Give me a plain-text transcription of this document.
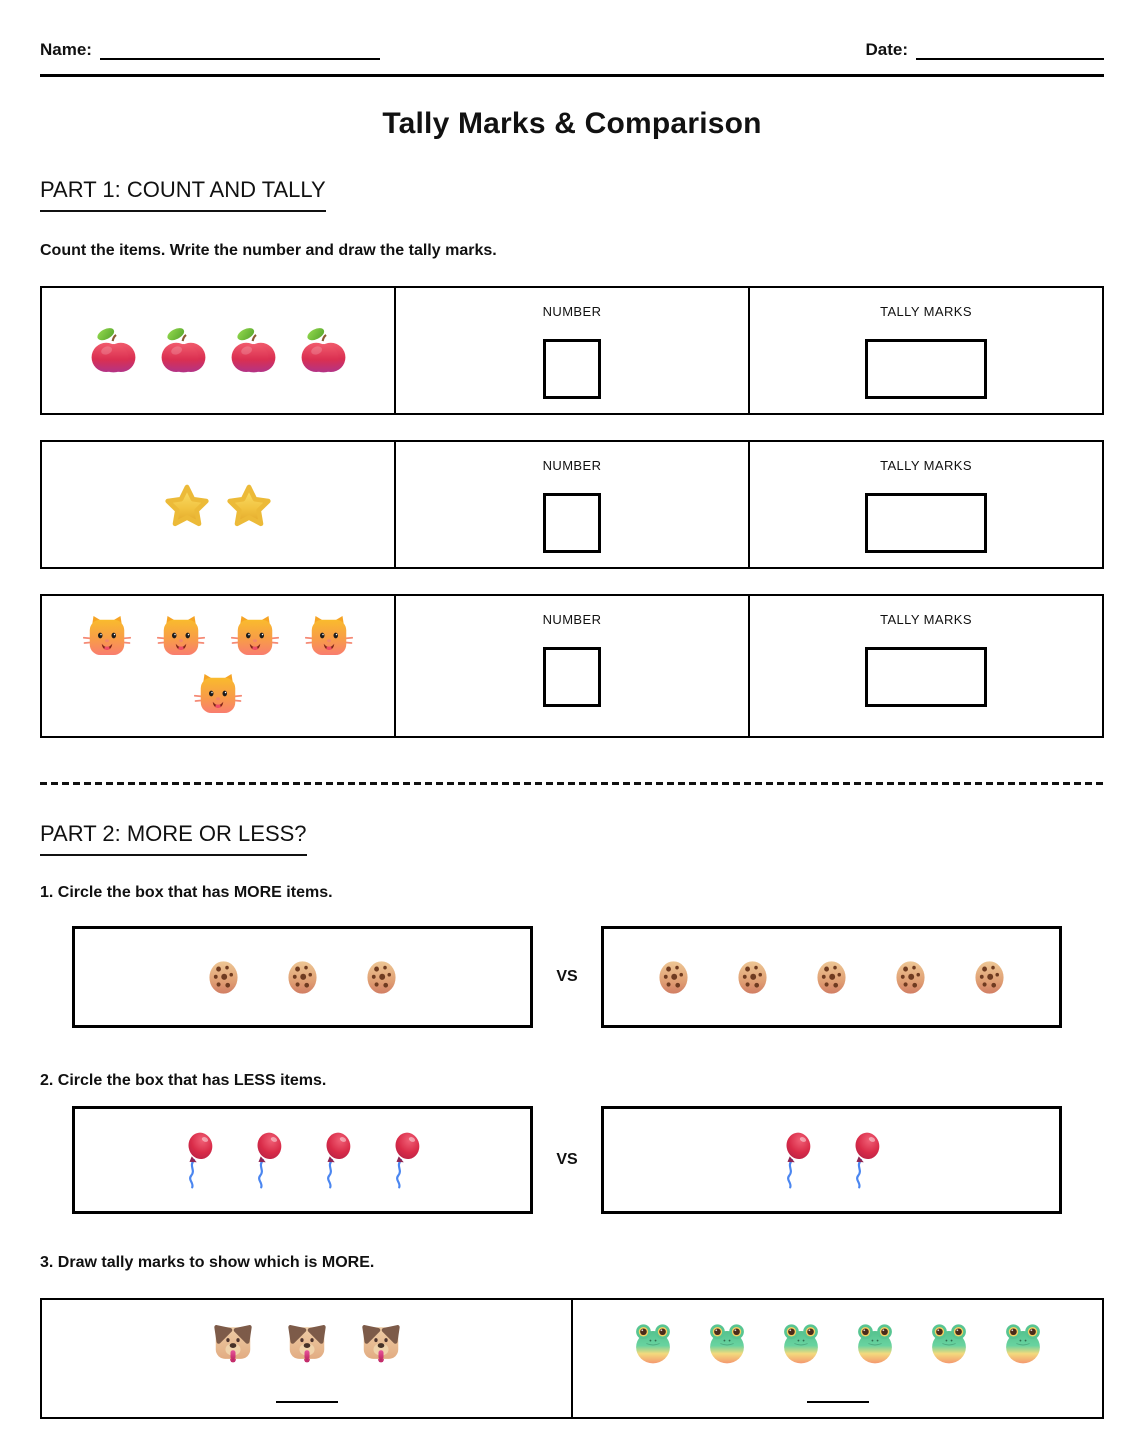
Name:	Date:
Tally Marks & Comparison
PART 1: COUNT AND TALLY
Count the items. Write the number and draw the tally marks.
NUMBER	TALLY MARKS
NUMBER	TALLY MARKS
NUMBER	TALLY MARKS
PART 2: MORE OR LESS?
1. Circle the box that has MORE items.
VS
2. Circle the box that has LESS items.
VS
3. Draw tally marks to show which is MORE.
